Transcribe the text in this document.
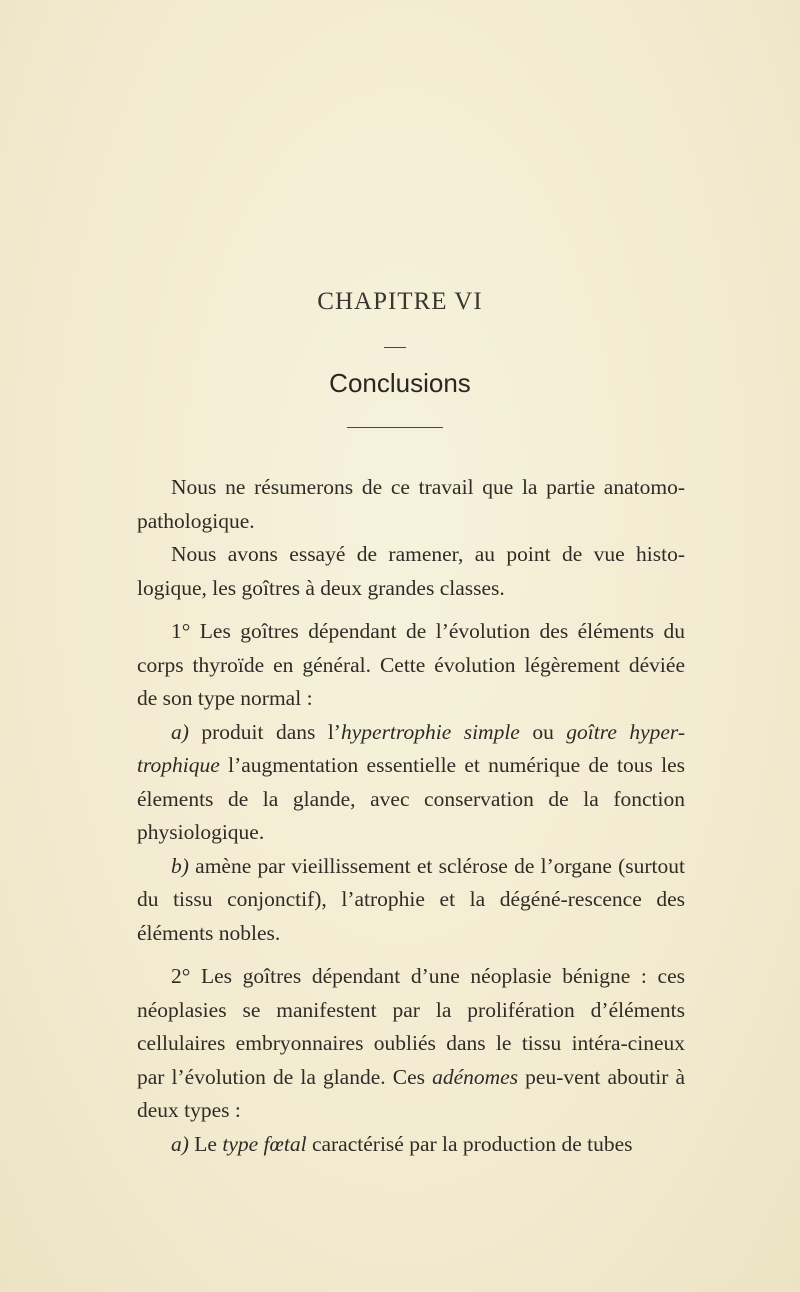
CHAPITRE VI
Conclusions

Nous ne résumerons de ce travail que la partie anatomo-pathologique.

Nous avons essayé de ramener, au point de vue histo-logique, les goîtres à deux grandes classes.

1° Les goîtres dépendant de l’évolution des éléments du corps thyroïde en général. Cette évolution légèrement déviée de son type normal :

a) produit dans l’hypertrophie simple ou goître hyper-trophique l’augmentation essentielle et numérique de tous les élements de la glande, avec conservation de la fonction physiologique.

b) amène par vieillissement et sclérose de l’organe (surtout du tissu conjonctif), l’atrophie et la dégéné-rescence des éléments nobles.

2° Les goîtres dépendant d’une néoplasie bénigne : ces néoplasies se manifestent par la prolifération d’éléments cellulaires embryonnaires oubliés dans le tissu intéra-cineux par l’évolution de la glande. Ces adénomes peu-vent aboutir à deux types :

a) Le type fœtal caractérisé par la production de tubes
